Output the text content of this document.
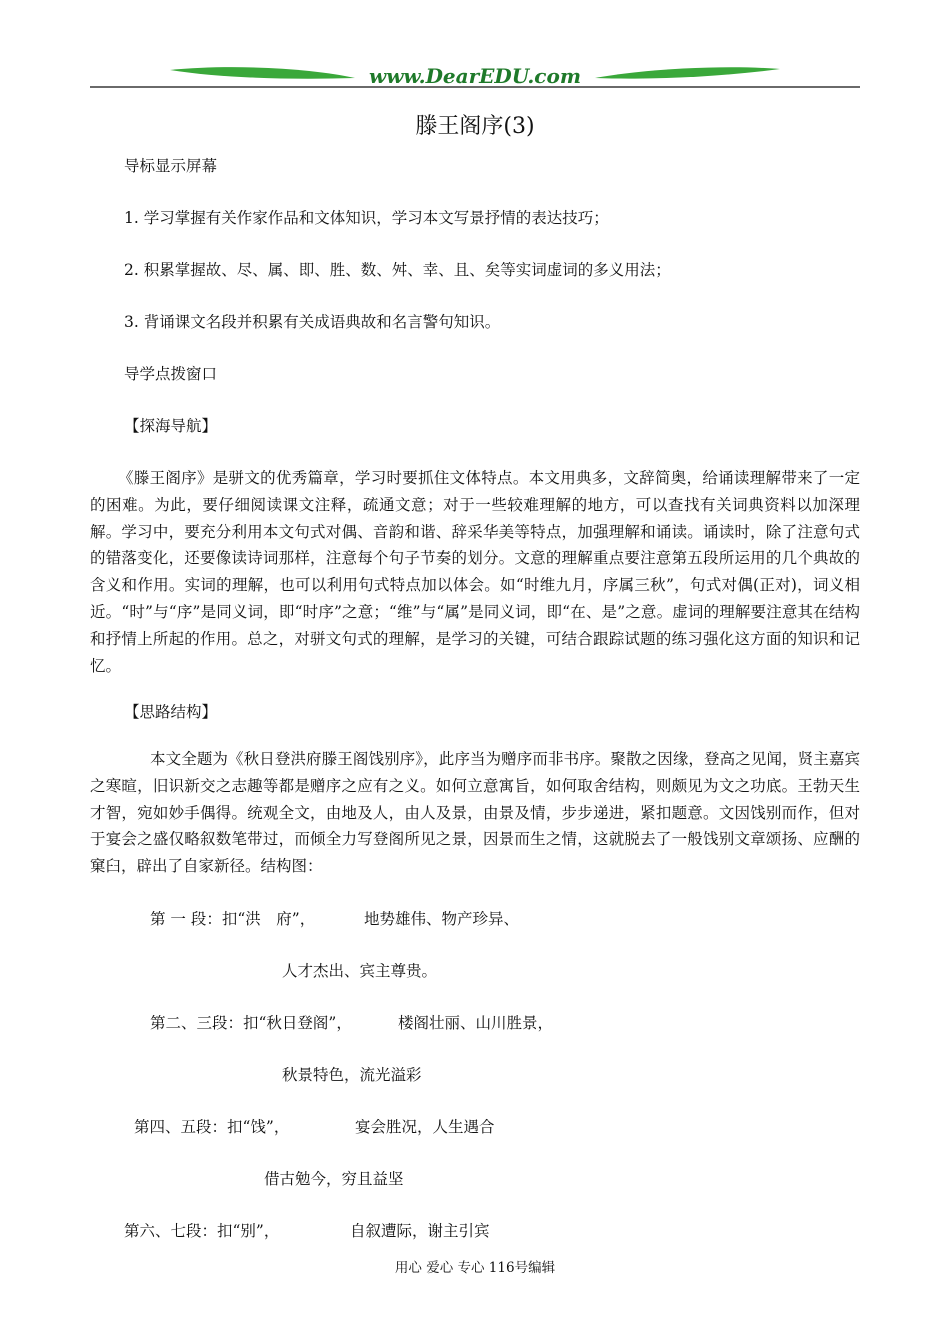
www.DearEDU.com
滕王阁序(3)
导标显示屏幕
1. 学习掌握有关作家作品和文体知识，学习本文写景抒情的表达技巧；
2. 积累掌握故、尽、属、即、胜、数、舛、幸、且、矣等实词虚词的多义用法；
3. 背诵课文名段并积累有关成语典故和名言警句知识。
导学点拨窗口
【探海导航】
《滕王阁序》是骈文的优秀篇章，学习时要抓住文体特点。本文用典多，文辞简奥，给诵读理解带来了一定的困难。为此，要仔细阅读课文注释，疏通文意；对于一些较难理解的地方，可以查找有关词典资料以加深理解。学习中，要充分利用本文句式对偶、音韵和谐、辞采华美等特点，加强理解和诵读。诵读时，除了注意句式的错落变化，还要像读诗词那样，注意每个句子节奏的划分。文意的理解重点要注意第五段所运用的几个典故的含义和作用。实词的理解，也可以利用句式特点加以体会。如“时维九月，序属三秋”，句式对偶(正对)，词义相近。“时”与“序”是同义词，即“时序”之意；“维”与“属”是同义词，即“在、是”之意。虚词的理解要注意其在结构和抒情上所起的作用。总之，对骈文句式的理解，是学习的关键，可结合跟踪试题的练习强化这方面的知识和记忆。
【思路结构】
本文全题为《秋日登洪府滕王阁饯别序》，此序当为赠序而非书序。聚散之因缘，登高之见闻，贤主嘉宾之寒暄，旧识新交之志趣等都是赠序之应有之义。如何立意寓旨，如何取舍结构，则颇见为文之功底。王勃天生才智，宛如妙手偶得。统观全文，由地及人，由人及景，由景及情，步步递进，紧扣题意。文因饯别而作，但对于宴会之盛仅略叙数笔带过，而倾全力写登阁所见之景，因景而生之情，这就脱去了一般饯别文章颂扬、应酬的窠臼，辟出了自家新径。结构图：
第 一 段：扣“洪　府”，	地势雄伟、物产珍异、
人才杰出、宾主尊贵。
第二、三段：扣“秋日登阁”，	楼阁壮丽、山川胜景，
秋景特色，流光溢彩
第四、五段：扣“饯”，	宴会胜况，人生遇合
借古勉今，穷且益坚
第六、七段：扣“别”，	自叙遭际，谢主引宾
用心 爱心 专心 116号编辑
